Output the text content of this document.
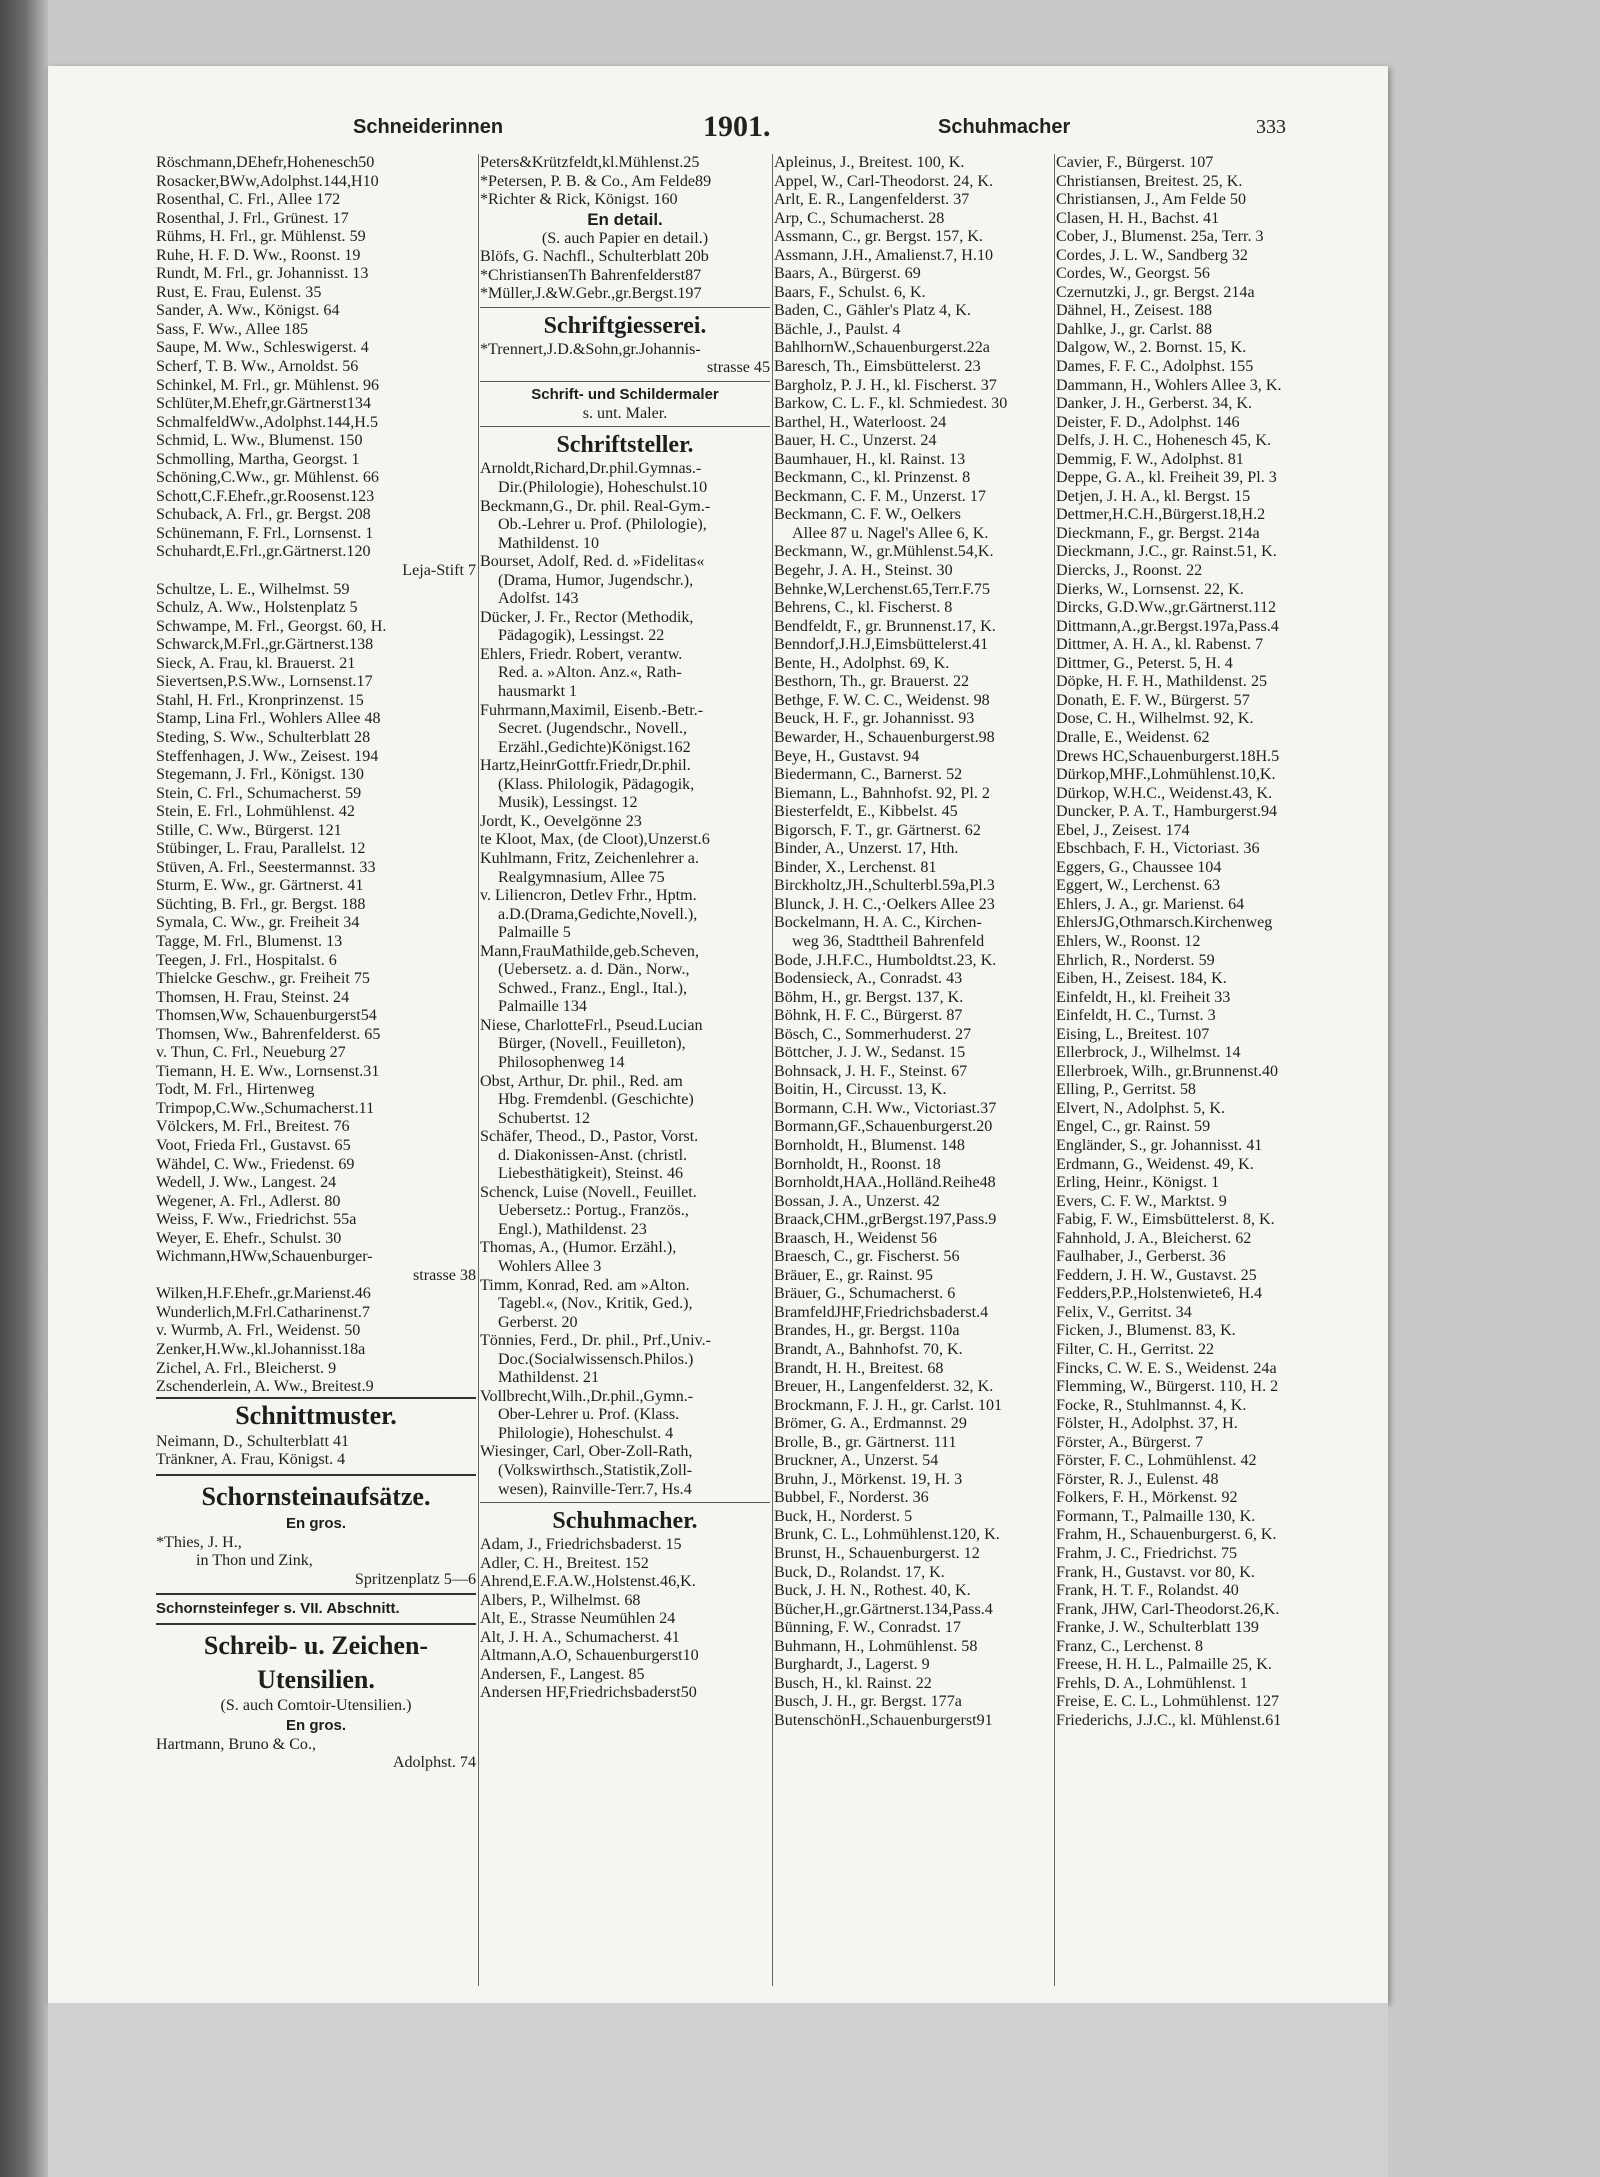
Schneiderinnen	1901.	Schuhmacher	333
Röschmann,DEhefr,Hohenesch50
Rosacker,BWw,Adolphst.144,H10
Rosenthal, C. Frl., Allee 172
Rosenthal, J. Frl., Grünest. 17
Rühms, H. Frl., gr. Mühlenst. 59
Ruhe, H. F. D. Ww., Roonst. 19
Rundt, M. Frl., gr. Johannisst. 13
Rust, E. Frau, Eulenst. 35
Sander, A. Ww., Königst. 64
Sass, F. Ww., Allee 185
Saupe, M. Ww., Schleswigerst. 4
Scherf, T. B. Ww., Arnoldst. 56
Schinkel, M. Frl., gr. Mühlenst. 96
Schlüter,M.Ehefr,gr.Gärtnerst134
SchmalfeldWw.,Adolphst.144,H.5
Schmid, L. Ww., Blumenst. 150
Schmolling, Martha, Georgst. 1
Schöning,C.Ww., gr. Mühlenst. 66
Schott,C.F.Ehefr.,gr.Roosenst.123
Schuback, A. Frl., gr. Bergst. 208
Schünemann, F. Frl., Lornsenst. 1
Schuhardt,E.Frl.,gr.Gärtnerst.120
Leja-Stift 7
Schultze, L. E., Wilhelmst. 59
Schulz, A. Ww., Holstenplatz 5
Schwampe, M. Frl., Georgst. 60, H.
Schwarck,M.Frl.,gr.Gärtnerst.138
Sieck, A. Frau, kl. Brauerst. 21
Sievertsen,P.S.Ww., Lornsenst.17
Stahl, H. Frl., Kronprinzenst. 15
Stamp, Lina Frl., Wohlers Allee 48
Steding, S. Ww., Schulterblatt 28
Steffenhagen, J. Ww., Zeisest. 194
Stegemann, J. Frl., Königst. 130
Stein, C. Frl., Schumacherst. 59
Stein, E. Frl., Lohmühlenst. 42
Stille, C. Ww., Bürgerst. 121
Stübinger, L. Frau, Parallelst. 12
Stüven, A. Frl., Seestermannst. 33
Sturm, E. Ww., gr. Gärtnerst. 41
Süchting, B. Frl., gr. Bergst. 188
Symala, C. Ww., gr. Freiheit 34
Tagge, M. Frl., Blumenst. 13
Teegen, J. Frl., Hospitalst. 6
Thielcke Geschw., gr. Freiheit 75
Thomsen, H. Frau, Steinst. 24
Thomsen,Ww, Schauenburgerst54
Thomsen, Ww., Bahrenfelderst. 65
v. Thun, C. Frl., Neueburg 27
Tiemann, H. E. Ww., Lornsenst.31
Todt, M. Frl., Hirtenweg
Trimpop,C.Ww.,Schumacherst.11
Völckers, M. Frl., Breitest. 76
Voot, Frieda Frl., Gustavst. 65
Wähdel, C. Ww., Friedenst. 69
Wedell, J. Ww., Langest. 24
Wegener, A. Frl., Adlerst. 80
Weiss, F. Ww., Friedrichst. 55a
Weyer, E. Ehefr., Schulst. 30
Wichmann,HWw,Schauenburger-
strasse 38
Wilken,H.F.Ehefr.,gr.Marienst.46
Wunderlich,M.Frl.Catharinenst.7
v. Wurmb, A. Frl., Weidenst. 50
Zenker,H.Ww.,kl.Johannisst.18a
Zichel, A. Frl., Bleicherst. 9
Zschenderlein, A. Ww., Breitest.9
Schnittmuster.
Neimann, D., Schulterblatt 41
Tränkner, A. Frau, Königst. 4
Schornsteinaufsätze.
En gros.
*Thies, J. H.,
in Thon und Zink,
Spritzenplatz 5—6
Schornsteinfeger s. VII. Abschnitt.
Schreib- u. Zeichen-
Utensilien.
(S. auch Comtoir-Utensilien.)
En gros.
Hartmann, Bruno & Co.,
Adolphst. 74
Peters&Krützfeldt,kl.Mühlenst.25
*Petersen, P. B. & Co., Am Felde89
*Richter & Rick, Königst. 160
En detail.
(S. auch Papier en detail.)
Blöfs, G. Nachfl., Schulterblatt 20b
*ChristiansenTh Bahrenfelderst87
*Müller,J.&W.Gebr.,gr.Bergst.197
Schriftgiesserei.
*Trennert,J.D.&Sohn,gr.Johannis-
strasse 45
Schrift- und Schildermaler
s. unt. Maler.
Schriftsteller.
Arnoldt,Richard,Dr.phil.Gymnas.-
Dir.(Philologie), Hoheschulst.10
Beckmann,G., Dr. phil. Real-Gym.-
Ob.-Lehrer u. Prof. (Philologie),
Mathildenst. 10
Bourset, Adolf, Red. d. »Fidelitas«
(Drama, Humor, Jugendschr.),
Adolfst. 143
Dücker, J. Fr., Rector (Methodik,
Pädagogik), Lessingst. 22
Ehlers, Friedr. Robert, verantw.
Red. a. »Alton. Anz.«, Rath-
hausmarkt 1
Fuhrmann,Maximil, Eisenb.-Betr.-
Secret. (Jugendschr., Novell.,
Erzähl.,Gedichte)Königst.162
Hartz,HeinrGottfr.Friedr,Dr.phil.
(Klass. Philologik, Pädagogik,
Musik), Lessingst. 12
Jordt, K., Oevelgönne 23
te Kloot, Max, (de Cloot),Unzerst.6
Kuhlmann, Fritz, Zeichenlehrer a.
Realgymnasium, Allee 75
v. Liliencron, Detlev Frhr., Hptm.
a.D.(Drama,Gedichte,Novell.),
Palmaille 5
Mann,FrauMathilde,geb.Scheven,
(Uebersetz. a. d. Dän., Norw.,
Schwed., Franz., Engl., Ital.),
Palmaille 134
Niese, CharlotteFrl., Pseud.Lucian
Bürger, (Novell., Feuilleton),
Philosophenweg 14
Obst, Arthur, Dr. phil., Red. am
Hbg. Fremdenbl. (Geschichte)
Schubertst. 12
Schäfer, Theod., D., Pastor, Vorst.
d. Diakonissen-Anst. (christl.
Liebesthätigkeit), Steinst. 46
Schenck, Luise (Novell., Feuillet.
Uebersetz.: Portug., Französ.,
Engl.), Mathildenst. 23
Thomas, A., (Humor. Erzähl.),
Wohlers Allee 3
Timm, Konrad, Red. am »Alton.
Tagebl.«, (Nov., Kritik, Ged.),
Gerberst. 20
Tönnies, Ferd., Dr. phil., Prf.,Univ.-
Doc.(Socialwissensch.Philos.)
Mathildenst. 21
Vollbrecht,Wilh.,Dr.phil.,Gymn.-
Ober-Lehrer u. Prof. (Klass.
Philologie), Hoheschulst. 4
Wiesinger, Carl, Ober-Zoll-Rath,
(Volkswirthsch.,Statistik,Zoll-
wesen), Rainville-Terr.7, Hs.4
Schuhmacher.
Adam, J., Friedrichsbaderst. 15
Adler, C. H., Breitest. 152
Ahrend,E.F.A.W.,Holstenst.46,K.
Albers, P., Wilhelmst. 68
Alt, E., Strasse Neumühlen 24
Alt, J. H. A., Schumacherst. 41
Altmann,A.O, Schauenburgerst10
Andersen, F., Langest. 85
Andersen HF,Friedrichsbaderst50
Apleinus, J., Breitest. 100, K.
Appel, W., Carl-Theodorst. 24, K.
Arlt, E. R., Langenfelderst. 37
Arp, C., Schumacherst. 28
Assmann, C., gr. Bergst. 157, K.
Assmann, J.H., Amalienst.7, H.10
Baars, A., Bürgerst. 69
Baars, F., Schulst. 6, K.
Baden, C., Gähler's Platz 4, K.
Bächle, J., Paulst. 4
BahlhornW.,Schauenburgerst.22a
Baresch, Th., Eimsbüttelerst. 23
Bargholz, P. J. H., kl. Fischerst. 37
Barkow, C. L. F., kl. Schmiedest. 30
Barthel, H., Waterloost. 24
Bauer, H. C., Unzerst. 24
Baumhauer, H., kl. Rainst. 13
Beckmann, C., kl. Prinzenst. 8
Beckmann, C. F. M., Unzerst. 17
Beckmann, C. F. W., Oelkers
Allee 87 u. Nagel's Allee 6, K.
Beckmann, W., gr.Mühlenst.54,K.
Begehr, J. A. H., Steinst. 30
Behnke,W,Lerchenst.65,Terr.F.75
Behrens, C., kl. Fischerst. 8
Bendfeldt, F., gr. Brunnenst.17, K.
Benndorf,J.H.J,Eimsbüttelerst.41
Bente, H., Adolphst. 69, K.
Besthorn, Th., gr. Brauerst. 22
Bethge, F. W. C. C., Weidenst. 98
Beuck, H. F., gr. Johannisst. 93
Bewarder, H., Schauenburgerst.98
Beye, H., Gustavst. 94
Biedermann, C., Barnerst. 52
Biemann, L., Bahnhofst. 92, Pl. 2
Biesterfeldt, E., Kibbelst. 45
Bigorsch, F. T., gr. Gärtnerst. 62
Binder, A., Unzerst. 17, Hth.
Binder, X., Lerchenst. 81
Birckholtz,JH.,Schulterbl.59a,Pl.3
Blunck, J. H. C.,·Oelkers Allee 23
Bockelmann, H. A. C., Kirchen-
weg 36, Stadttheil Bahrenfeld
Bode, J.H.F.C., Humboldtst.23, K.
Bodensieck, A., Conradst. 43
Böhm, H., gr. Bergst. 137, K.
Böhnk, H. F. C., Bürgerst. 87
Bösch, C., Sommerhuderst. 27
Böttcher, J. J. W., Sedanst. 15
Bohnsack, J. H. F., Steinst. 67
Boitin, H., Circusst. 13, K.
Bormann, C.H. Ww., Victoriast.37
Bormann,GF.,Schauenburgerst.20
Bornholdt, H., Blumenst. 148
Bornholdt, H., Roonst. 18
Bornholdt,HAA.,Holländ.Reihe48
Bossan, J. A., Unzerst. 42
Braack,CHM.,grBergst.197,Pass.9
Braasch, H., Weidenst 56
Braesch, C., gr. Fischerst. 56
Bräuer, E., gr. Rainst. 95
Bräuer, G., Schumacherst. 6
BramfeldJHF,Friedrichsbaderst.4
Brandes, H., gr. Bergst. 110a
Brandt, A., Bahnhofst. 70, K.
Brandt, H. H., Breitest. 68
Breuer, H., Langenfelderst. 32, K.
Brockmann, F. J. H., gr. Carlst. 101
Brömer, G. A., Erdmannst. 29
Brolle, B., gr. Gärtnerst. 111
Bruckner, A., Unzerst. 54
Bruhn, J., Mörkenst. 19, H. 3
Bubbel, F., Norderst. 36
Buck, H., Norderst. 5
Brunk, C. L., Lohmühlenst.120, K.
Brunst, H., Schauenburgerst. 12
Buck, D., Rolandst. 17, K.
Buck, J. H. N., Rothest. 40, K.
Bücher,H.,gr.Gärtnerst.134,Pass.4
Bünning, F. W., Conradst. 17
Buhmann, H., Lohmühlenst. 58
Burghardt, J., Lagerst. 9
Busch, H., kl. Rainst. 22
Busch, J. H., gr. Bergst. 177a
ButenschönH.,Schauenburgerst91
Cavier, F., Bürgerst. 107
Christiansen, Breitest. 25, K.
Christiansen, J., Am Felde 50
Clasen, H. H., Bachst. 41
Cober, J., Blumenst. 25a, Terr. 3
Cordes, J. L. W., Sandberg 32
Cordes, W., Georgst. 56
Czernutzki, J., gr. Bergst. 214a
Dähnel, H., Zeisest. 188
Dahlke, J., gr. Carlst. 88
Dalgow, W., 2. Bornst. 15, K.
Dames, F. F. C., Adolphst. 155
Dammann, H., Wohlers Allee 3, K.
Danker, J. H., Gerberst. 34, K.
Deister, F. D., Adolphst. 146
Delfs, J. H. C., Hohenesch 45, K.
Demmig, F. W., Adolphst. 81
Deppe, G. A., kl. Freiheit 39, Pl. 3
Detjen, J. H. A., kl. Bergst. 15
Dettmer,H.C.H.,Bürgerst.18,H.2
Dieckmann, F., gr. Bergst. 214a
Dieckmann, J.C., gr. Rainst.51, K.
Diercks, J., Roonst. 22
Dierks, W., Lornsenst. 22, K.
Dircks, G.D.Ww.,gr.Gärtnerst.112
Dittmann,A.,gr.Bergst.197a,Pass.4
Dittmer, A. H. A., kl. Rabenst. 7
Dittmer, G., Peterst. 5, H. 4
Döpke, H. F. H., Mathildenst. 25
Donath, E. F. W., Bürgerst. 57
Dose, C. H., Wilhelmst. 92, K.
Dralle, E., Weidenst. 62
Drews HC,Schauenburgerst.18H.5
Dürkop,MHF.,Lohmühlenst.10,K.
Dürkop, W.H.C., Weidenst.43, K.
Duncker, P. A. T., Hamburgerst.94
Ebel, J., Zeisest. 174
Ebschbach, F. H., Victoriast. 36
Eggers, G., Chaussee 104
Eggert, W., Lerchenst. 63
Ehlers, J. A., gr. Marienst. 64
EhlersJG,Othmarsch.Kirchenweg
Ehlers, W., Roonst. 12
Ehrlich, R., Norderst. 59
Eiben, H., Zeisest. 184, K.
Einfeldt, H., kl. Freiheit 33
Einfeldt, H. C., Turnst. 3
Eising, L., Breitest. 107
Ellerbrock, J., Wilhelmst. 14
Ellerbroek, Wilh., gr.Brunnenst.40
Elling, P., Gerritst. 58
Elvert, N., Adolphst. 5, K.
Engel, C., gr. Rainst. 59
Engländer, S., gr. Johannisst. 41
Erdmann, G., Weidenst. 49, K.
Erling, Heinr., Königst. 1
Evers, C. F. W., Marktst. 9
Fabig, F. W., Eimsbüttelerst. 8, K.
Fahnhold, J. A., Bleicherst. 62
Faulhaber, J., Gerberst. 36
Feddern, J. H. W., Gustavst. 25
Fedders,P.P.,Holstenwiete6, H.4
Felix, V., Gerritst. 34
Ficken, J., Blumenst. 83, K.
Filter, C. H., Gerritst. 22
Fincks, C. W. E. S., Weidenst. 24a
Flemming, W., Bürgerst. 110, H. 2
Focke, R., Stuhlmannst. 4, K.
Fölster, H., Adolphst. 37, H.
Förster, A., Bürgerst. 7
Förster, F. C., Lohmühlenst. 42
Förster, R. J., Eulenst. 48
Folkers, F. H., Mörkenst. 92
Formann, T., Palmaille 130, K.
Frahm, H., Schauenburgerst. 6, K.
Frahm, J. C., Friedrichst. 75
Frank, H., Gustavst. vor 80, K.
Frank, H. T. F., Rolandst. 40
Frank, JHW, Carl-Theodorst.26,K.
Franke, J. W., Schulterblatt 139
Franz, C., Lerchenst. 8
Freese, H. H. L., Palmaille 25, K.
Frehls, D. A., Lohmühlenst. 1
Freise, E. C. L., Lohmühlenst. 127
Friederichs, J.J.C., kl. Mühlenst.61
